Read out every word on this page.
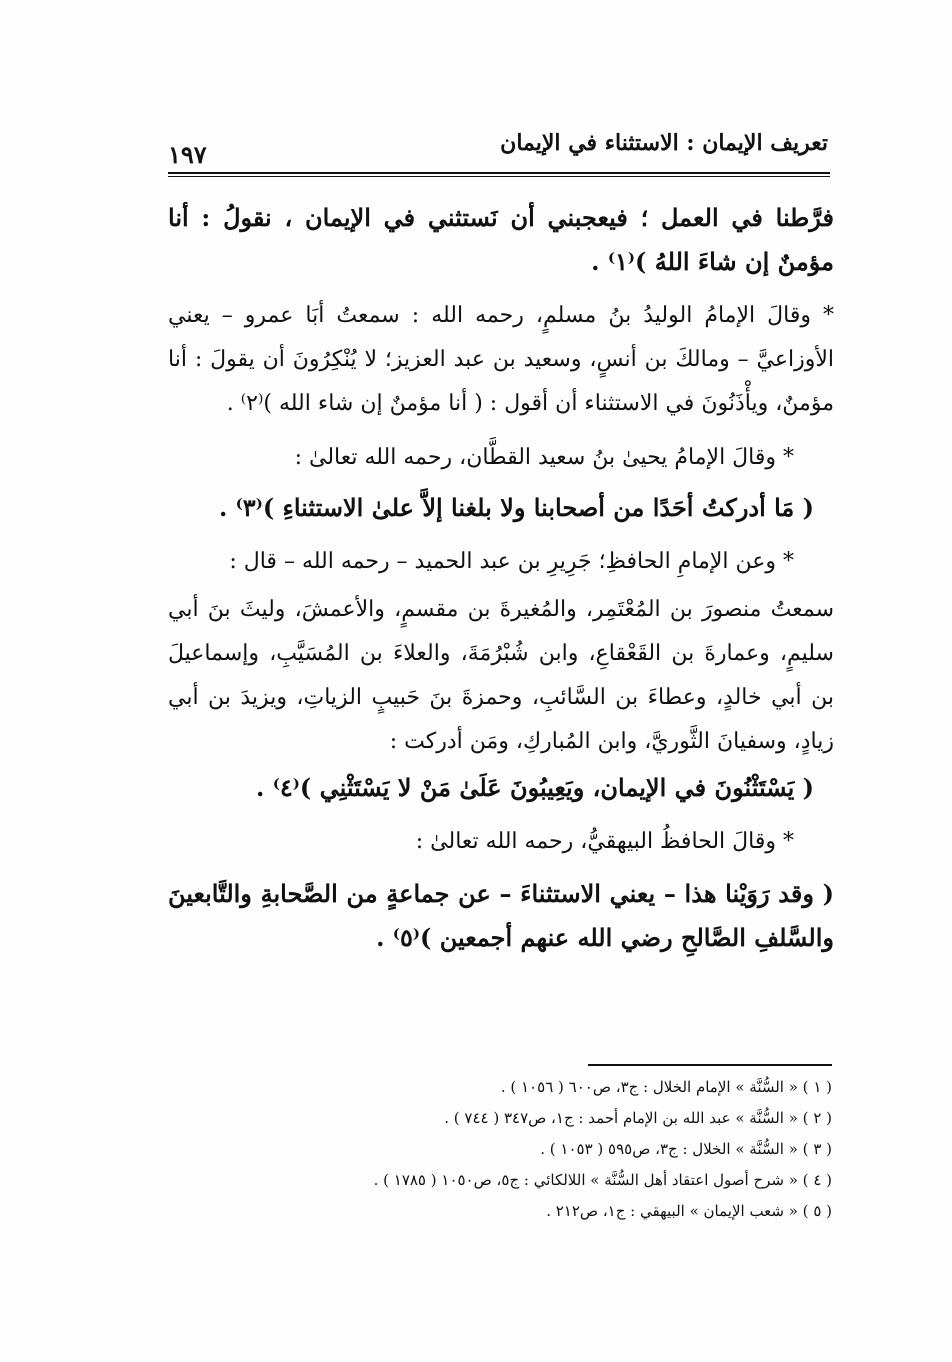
تعريف الإيمان : الاستثناء في الإيمان
١٩٧

فرَّطنا في العمل ؛ فيعجبني أن نَستثني في الإيمان ، نقولُ : أنا مؤمنٌ إن شاءَ اللهُ )⁽١⁾ .

* وقالَ الإمامُ الوليدُ بنُ مسلمٍ، رحمه الله : سمعتُ أبَا عمرو – يعني الأوزاعيَّ – ومالكَ بن أنسٍ، وسعيد بن عبد العزيز؛ لا يُنْكِرُونَ أن يقولَ : أنا مؤمنٌ، ويأْذَنُونَ في الاستثناء أن أقول : ( أنا مؤمنٌ إن شاء الله )⁽٢⁾ .

* وقالَ الإمامُ يحيىٰ بنُ سعيد القطَّان، رحمه الله تعالىٰ :

( مَا أدركتُ أحَدًا من أصحابنا ولا بلغنا إلاَّ علىٰ الاستثناءِ )⁽٣⁾ .

* وعن الإمامِ الحافظِ؛ جَرِيرِ بن عبد الحميد – رحمه الله – قال :

سمعتُ منصورَ بن المُعْتَمِر، والمُغيرةَ بن مقسمٍ، والأعمشَ، وليثَ بنَ أبي سليمٍ، وعمارةَ بن القَعْقاعِ، وابن شُبْرُمَةَ، والعلاءَ بن المُسَيَّبِ، وإسماعيلَ بن أبي خالدٍ، وعطاءَ بن السَّائبِ، وحمزةَ بنَ حَبيبٍ الزياتِ، ويزيدَ بن أبي زيادٍ، وسفيانَ الثَّوريَّ، وابن المُباركِ، ومَن أدركت :

( يَسْتَثْنُونَ في الإيمان، ويَعِيبُونَ عَلَىٰ مَنْ لا يَسْتَثْنِي )⁽٤⁾ .

* وقالَ الحافظُ البيهقيُّ، رحمه الله تعالىٰ :

( وقد رَوَيْنا هذا – يعني الاستثناءَ – عن جماعةٍ من الصَّحابةِ والتَّابعينَ والسَّلفِ الصَّالحِ رضي الله عنهم أجمعين )⁽٥⁾ .

( ١ ) « السُّنَّة » الإمام الخلال : ج٣، ص٦٠٠ ( ١٠٥٦ ) .

( ٢ ) « السُّنَّة » عبد الله بن الإمام أحمد : ج١، ص٣٤٧ ( ٧٤٤ ) .

( ٣ ) « السُّنَّة » الخلال : ج٣، ص٥٩٥ ( ١٠٥٣ ) .

( ٤ ) « شرح أصول اعتقاد أهل السُّنَّة » اللالكائي : ج٥، ص١٠٥٠ ( ١٧٨٥ ) .

( ٥ ) « شعب الإيمان » البيهقي : ج١، ص٢١٢ .
